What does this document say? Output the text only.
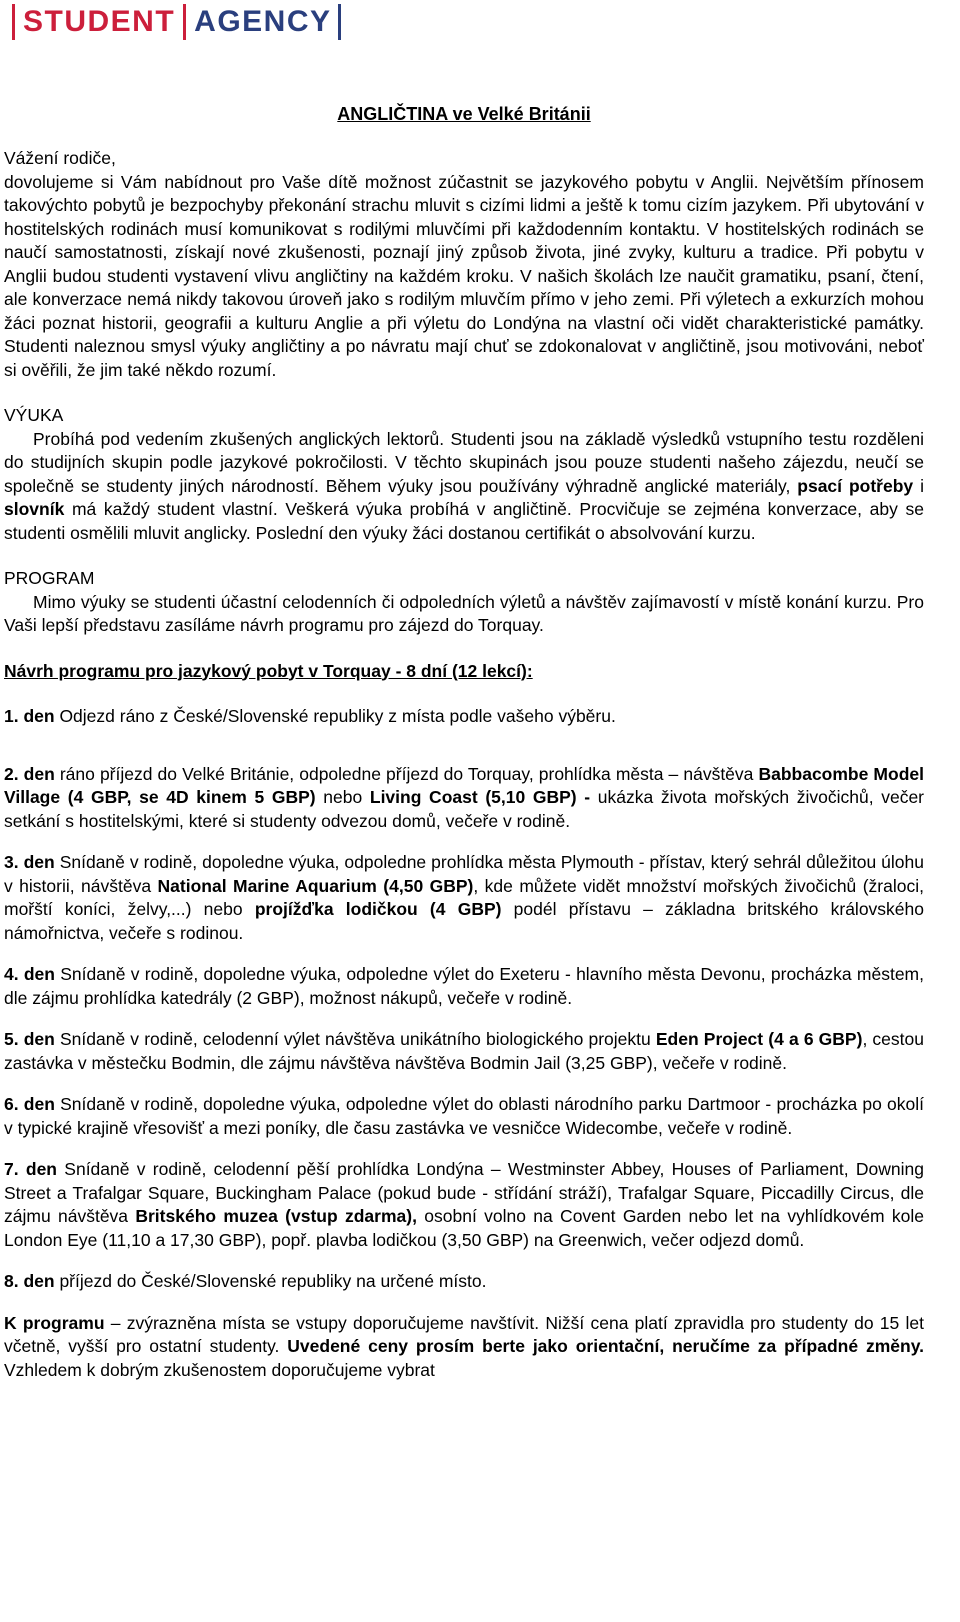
STUDENT AGENCY
ANGLIČTINA ve Velké Británii

Vážení rodiče,

dovolujeme si Vám nabídnout pro Vaše dítě možnost zúčastnit se jazykového pobytu v Anglii. Největším přínosem takovýchto pobytů je bezpochyby překonání strachu mluvit s cizími lidmi a ještě k tomu cizím jazykem. Při ubytování v hostitelských rodinách musí komunikovat s rodilými mluvčími při každodenním kontaktu. V hostitelských rodinách se naučí samostatnosti, získají nové zkušenosti, poznají jiný způsob života, jiné zvyky, kulturu a tradice. Při pobytu v Anglii budou studenti vystavení vlivu angličtiny na každém kroku. V našich školách lze naučit gramatiku, psaní, čtení, ale konverzace nemá nikdy takovou úroveň jako s rodilým mluvčím přímo v jeho zemi. Při výletech a exkurzích mohou žáci poznat historii, geografii a kulturu Anglie a při výletu do Londýna na vlastní oči vidět charakteristické památky. Studenti naleznou smysl výuky angličtiny a po návratu mají chuť se zdokonalovat v angličtině, jsou motivováni, neboť si ověřili, že jim také někdo rozumí.

VÝUKA

Probíhá pod vedením zkušených anglických lektorů. Studenti jsou na základě výsledků vstupního testu rozděleni do studijních skupin podle jazykové pokročilosti. V těchto skupinách jsou pouze studenti našeho zájezdu, neučí se společně se studenty jiných národností. Během výuky jsou používány výhradně anglické materiály, psací potřeby i slovník má každý student vlastní. Veškerá výuka probíhá v angličtině. Procvičuje se zejména konverzace, aby se studenti osmělili mluvit anglicky. Poslední den výuky žáci dostanou certifikát o absolvování kurzu.

PROGRAM

Mimo výuky se studenti účastní celodenních či odpoledních výletů a návštěv zajímavostí v místě konání kurzu. Pro Vaši lepší představu zasíláme návrh programu pro zájezd do Torquay.

Návrh programu pro jazykový pobyt v Torquay - 8 dní (12 lekcí):

1. den Odjezd ráno z České/Slovenské republiky z místa podle vašeho výběru.

2. den ráno příjezd do Velké Británie, odpoledne příjezd do Torquay, prohlídka města – návštěva Babbacombe Model Village (4 GBP, se 4D kinem 5 GBP) nebo Living Coast (5,10 GBP) - ukázka života mořských živočichů, večer setkání s hostitelskými, které si studenty odvezou domů, večeře v rodině.

3. den Snídaně v rodině, dopoledne výuka, odpoledne prohlídka města Plymouth - přístav, který sehrál důležitou úlohu v historii, návštěva National Marine Aquarium (4,50 GBP), kde můžete vidět množství mořských živočichů (žraloci, mořští koníci, želvy,...) nebo projížďka lodičkou (4 GBP) podél přístavu – základna britského královského námořnictva, večeře s rodinou.

4. den Snídaně v rodině, dopoledne výuka, odpoledne výlet do Exeteru - hlavního města Devonu, procházka městem, dle zájmu prohlídka katedrály (2 GBP), možnost nákupů, večeře v rodině.

5. den Snídaně v rodině, celodenní výlet návštěva unikátního biologického projektu Eden Project (4 a 6 GBP), cestou zastávka v městečku Bodmin, dle zájmu návštěva návštěva Bodmin Jail (3,25 GBP), večeře v rodině.

6. den Snídaně v rodině, dopoledne výuka, odpoledne výlet do oblasti národního parku Dartmoor - procházka po okolí v typické krajině vřesovišť a mezi poníky, dle času zastávka ve vesničce Widecombe, večeře v rodině.

7. den Snídaně v rodině, celodenní pěší prohlídka Londýna – Westminster Abbey, Houses of Parliament, Downing Street a Trafalgar Square, Buckingham Palace (pokud bude - střídání stráží), Trafalgar Square, Piccadilly Circus, dle zájmu návštěva Britského muzea (vstup zdarma), osobní volno na Covent Garden nebo let na vyhlídkovém kole London Eye (11,10 a 17,30 GBP), popř. plavba lodičkou (3,50 GBP) na Greenwich, večer odjezd domů.

8. den příjezd do České/Slovenské republiky na určené místo.

K programu – zvýrazněna místa se vstupy doporučujeme navštívit. Nižší cena platí zpravidla pro studenty do 15 let včetně, vyšší pro ostatní studenty. Uvedené ceny prosím berte jako orientační, neručíme za případné změny. Vzhledem k dobrým zkušenostem doporučujeme vybrat
